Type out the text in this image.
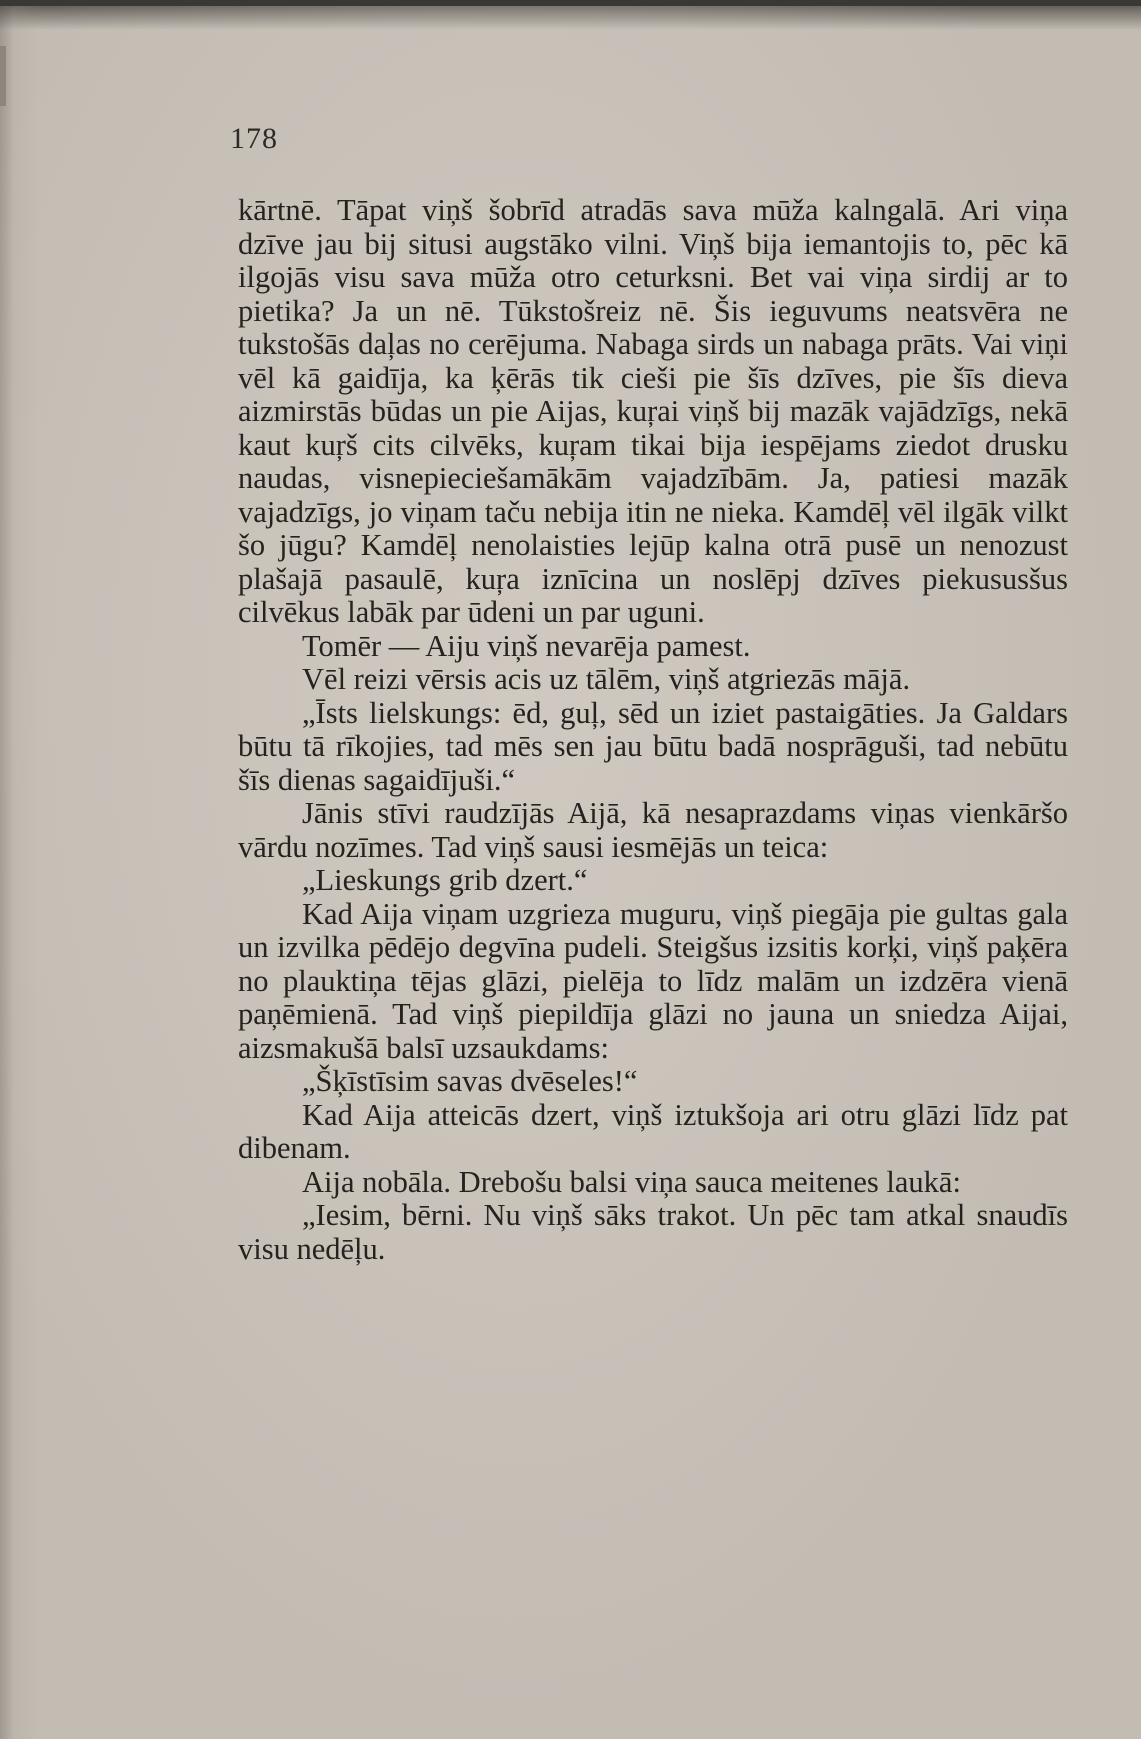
178

kārtnē. Tāpat viņš šobrīd atradās sava mūža kalngalā. Ari viņa dzīve jau bij situsi augstāko vilni. Viņš bija iemantojis to, pēc kā ilgojās visu sava mūža otro ceturksni. Bet vai viņa sirdij ar to pietika? Ja un nē. Tūkstošreiz nē. Šis ieguvums neatsvēra ne tukstošās daļas no cerējuma. Nabaga sirds un nabaga prāts. Vai viņi vēl kā gaidīja, ka ķērās tik cieši pie šīs dzīves, pie šīs dieva aizmirstās būdas un pie Aijas, kuŗai viņš bij mazāk vajādzīgs, nekā kaut kuŗš cits cilvēks, kuŗam tikai bija iespējams ziedot drusku naudas, visnepieciešamākām vajadzībām. Ja, patiesi mazāk vajadzīgs, jo viņam taču nebija itin ne nieka. Kamdēļ vēl ilgāk vilkt šo jūgu? Kamdēļ nenolaisties lejūp kalna otrā pusē un nenozust plašajā pasaulē, kuŗa iznīcina un noslēpj dzīves piekususšus cilvēkus labāk par ūdeni un par uguni.

Tomēr — Aiju viņš nevarēja pamest.

Vēl reizi vērsis acis uz tālēm, viņš atgriezās mājā.

„Īsts lielskungs: ēd, guļ, sēd un iziet pastaigāties. Ja Galdars būtu tā rīkojies, tad mēs sen jau būtu badā nosprāguši, tad nebūtu šīs dienas sagaidījuši.“

Jānis stīvi raudzījās Aijā, kā nesaprazdams viņas vienkāršo vārdu nozīmes. Tad viņš sausi iesmējās un teica:

„Lieskungs grib dzert.“

Kad Aija viņam uzgrieza muguru, viņš piegāja pie gultas gala un izvilka pēdējo degvīna pudeli. Steigšus izsitis korķi, viņš paķēra no plauktiņa tējas glāzi, pielēja to līdz malām un izdzēra vienā paņēmienā. Tad viņš piepildīja glāzi no jauna un sniedza Aijai, aizsmakušā balsī uzsaukdams:

„Šķīstīsim savas dvēseles!“

Kad Aija atteicās dzert, viņš iztukšoja ari otru glāzi līdz pat dibenam.

Aija nobāla. Drebošu balsi viņa sauca meitenes laukā:

„Iesim, bērni. Nu viņš sāks trakot. Un pēc tam atkal snaudīs visu nedēļu.
